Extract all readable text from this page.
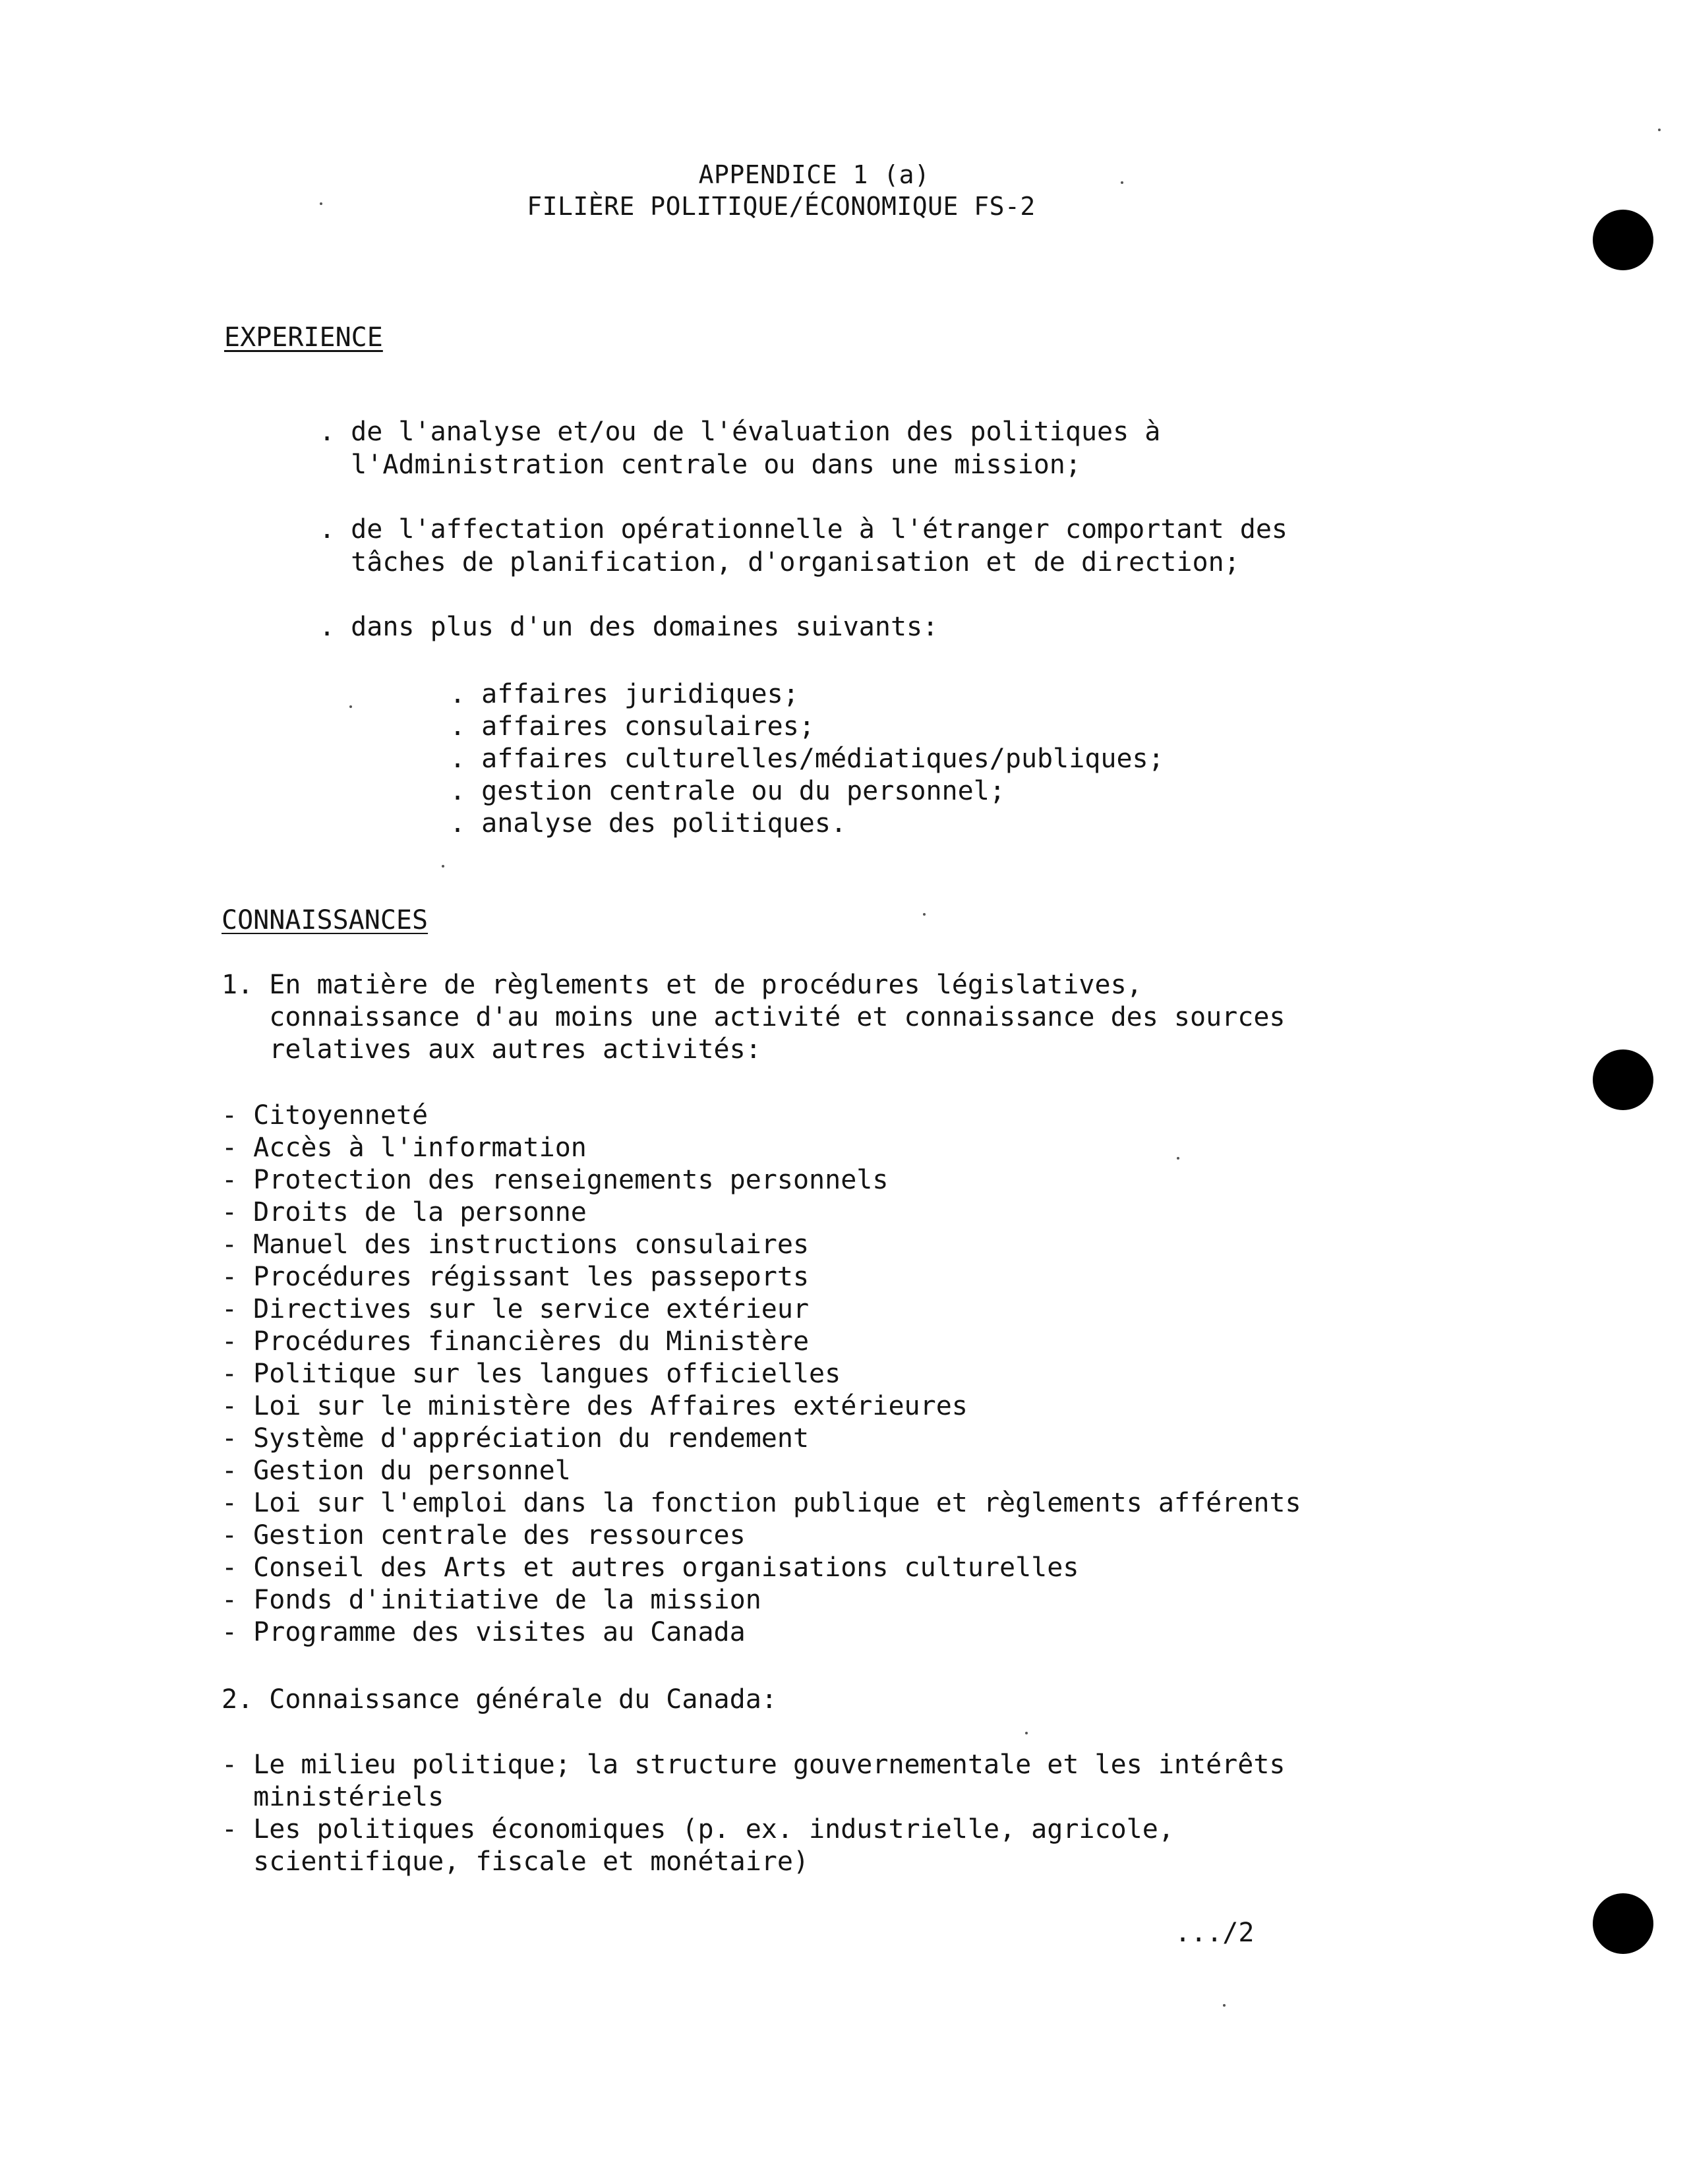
APPENDICE 1 (a)
FILIÈRE POLITIQUE/ÉCONOMIQUE FS-2
EXPERIENCE
. de l'analyse et/ou de l'évaluation des politiques à
l'Administration centrale ou dans une mission;
. de l'affectation opérationnelle à l'étranger comportant des
tâches de planification, d'organisation et de direction;
. dans plus d'un des domaines suivants:
. affaires juridiques;
. affaires consulaires;
. affaires culturelles/médiatiques/publiques;
. gestion centrale ou du personnel;
. analyse des politiques.
CONNAISSANCES
1. En matière de règlements et de procédures législatives,
connaissance d'au moins une activité et connaissance des sources
relatives aux autres activités:
- Citoyenneté
- Accès à l'information
- Protection des renseignements personnels
- Droits de la personne
- Manuel des instructions consulaires
- Procédures régissant les passeports
- Directives sur le service extérieur
- Procédures financières du Ministère
- Politique sur les langues officielles
- Loi sur le ministère des Affaires extérieures
- Système d'appréciation du rendement
- Gestion du personnel
- Loi sur l'emploi dans la fonction publique et règlements afférents
- Gestion centrale des ressources
- Conseil des Arts et autres organisations culturelles
- Fonds d'initiative de la mission
- Programme des visites au Canada
2. Connaissance générale du Canada:
- Le milieu politique; la structure gouvernementale et les intérêts
ministériels
- Les politiques économiques (p. ex. industrielle, agricole,
scientifique, fiscale et monétaire)
.../2
